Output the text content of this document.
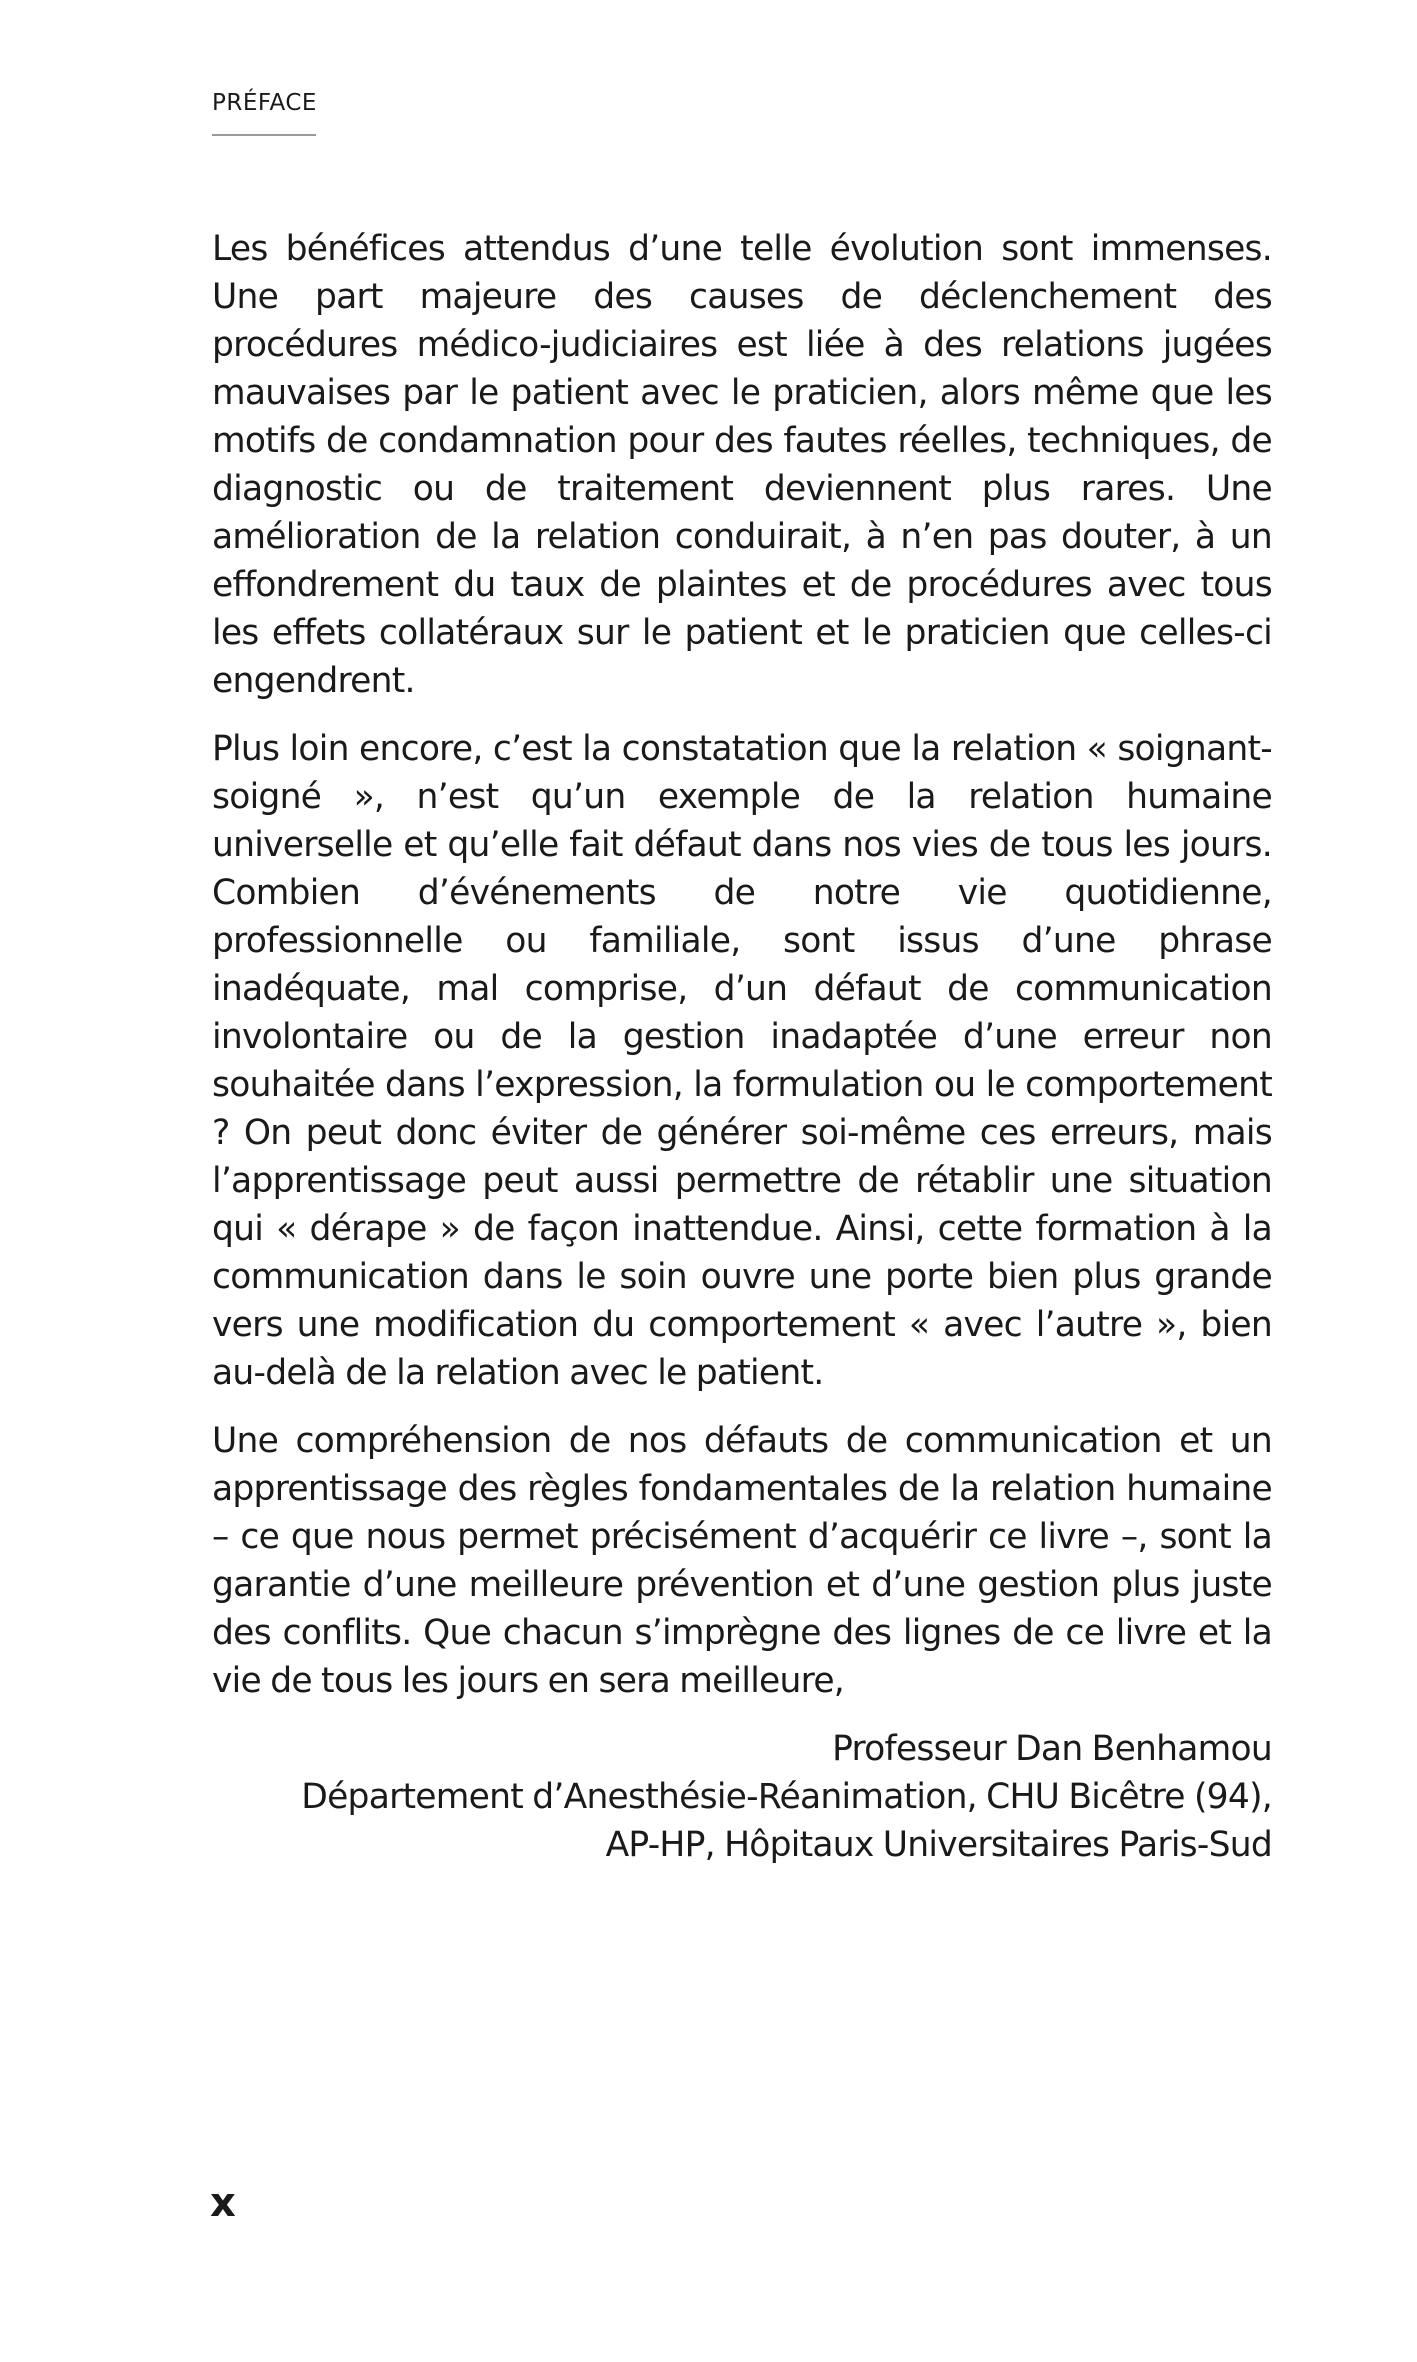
PRÉFACE

Les bénéfices attendus d’une telle évolution sont immenses. Une part majeure des causes de déclenchement des procédures médico-judiciaires est liée à des relations jugées mauvaises par le patient avec le praticien, alors même que les motifs de condamnation pour des fautes réelles, techniques, de diagnostic ou de traitement deviennent plus rares. Une amélioration de la relation conduirait, à n’en pas douter, à un effondrement du taux de plaintes et de procédures avec tous les effets collatéraux sur le patient et le praticien que celles-ci engendrent.

Plus loin encore, c’est la constatation que la relation « soignant-soigné », n’est qu’un exemple de la relation humaine universelle et qu’elle fait défaut dans nos vies de tous les jours. Combien d’événements de notre vie quotidienne, professionnelle ou familiale, sont issus d’une phrase inadéquate, mal comprise, d’un défaut de communication involontaire ou de la gestion inadaptée d’une erreur non souhaitée dans l’expression, la formulation ou le comportement ? On peut donc éviter de générer soi-même ces erreurs, mais l’apprentissage peut aussi permettre de rétablir une situation qui « dérape » de façon inattendue. Ainsi, cette formation à la communication dans le soin ouvre une porte bien plus grande vers une modification du comportement « avec l’autre », bien au-delà de la relation avec le patient.

Une compréhension de nos défauts de communication et un apprentissage des règles fondamentales de la relation humaine – ce que nous permet précisément d’acquérir ce livre –, sont la garantie d’une meilleure prévention et d’une gestion plus juste des conflits. Que chacun s’imprègne des lignes de ce livre et la vie de tous les jours en sera meilleure,

Professeur Dan Benhamou
Département d’Anesthésie-Réanimation, CHU Bicêtre (94),
AP-HP, Hôpitaux Universitaires Paris-Sud
x
